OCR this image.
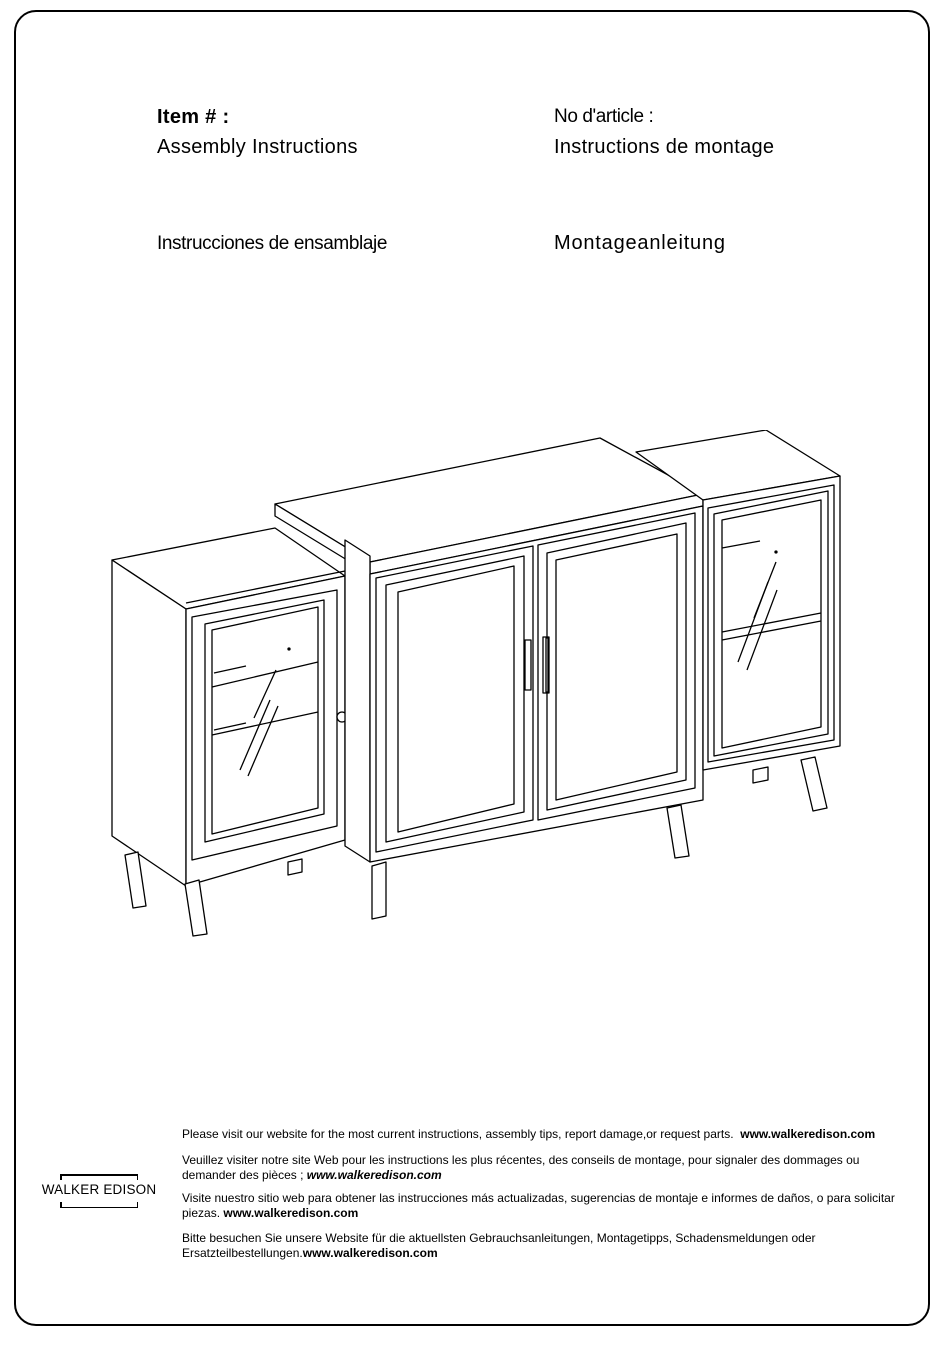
Item # :
Assembly Instructions
No d'article :
Instructions de montage
Instrucciones de ensamblaje	Montageanleitung
WALKER EDISON
Please visit our website for the most current instructions, assembly tips, report damage,or request parts. www.walkeredison.com
Veuillez visiter notre site Web pour les instructions les plus récentes, des conseils de montage, pour signaler des dommages ou demander des pièces ; www.walkeredison.com
Visite nuestro sitio web para obtener las instrucciones más actualizadas, sugerencias de montaje e informes de daños, o para solicitar piezas. www.walkeredison.com
Bitte besuchen Sie unsere Website für die aktuellsten Gebrauchsanleitungen, Montagetipps, Schadensmeldungen oder Ersatzteilbestellungen.www.walkeredison.com
